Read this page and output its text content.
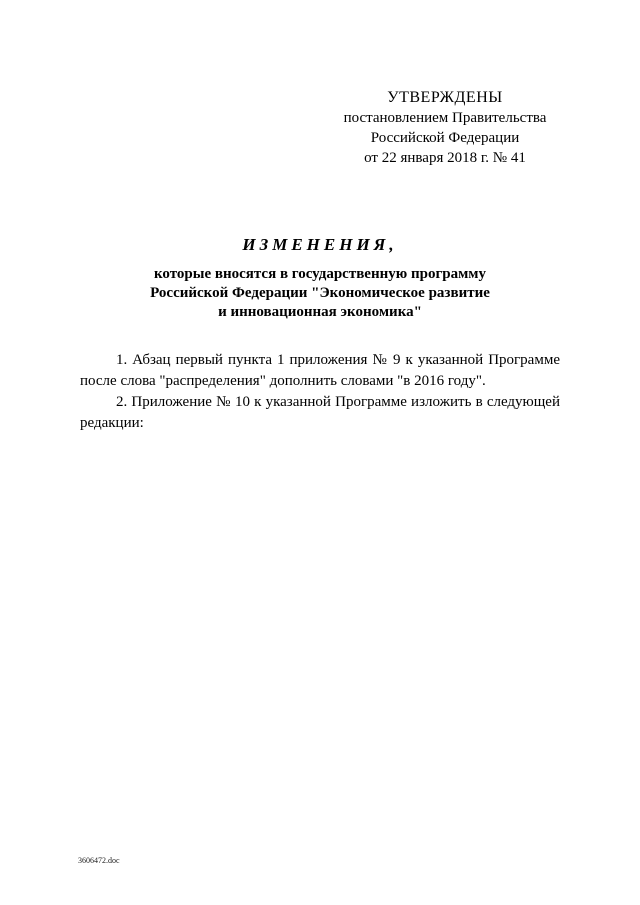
УТВЕРЖДЕНЫ
постановлением Правительства
Российской Федерации
от 22 января 2018 г. № 41
ИЗМЕНЕНИЯ,
которые вносятся в государственную программу
Российской Федерации "Экономическое развитие
и инновационная экономика"

1. Абзац первый пункта 1 приложения № 9 к указанной Программе после слова "распределения" дополнить словами "в 2016 году".

2. Приложение № 10 к указанной Программе изложить в следующей редакции:

3606472.doc
